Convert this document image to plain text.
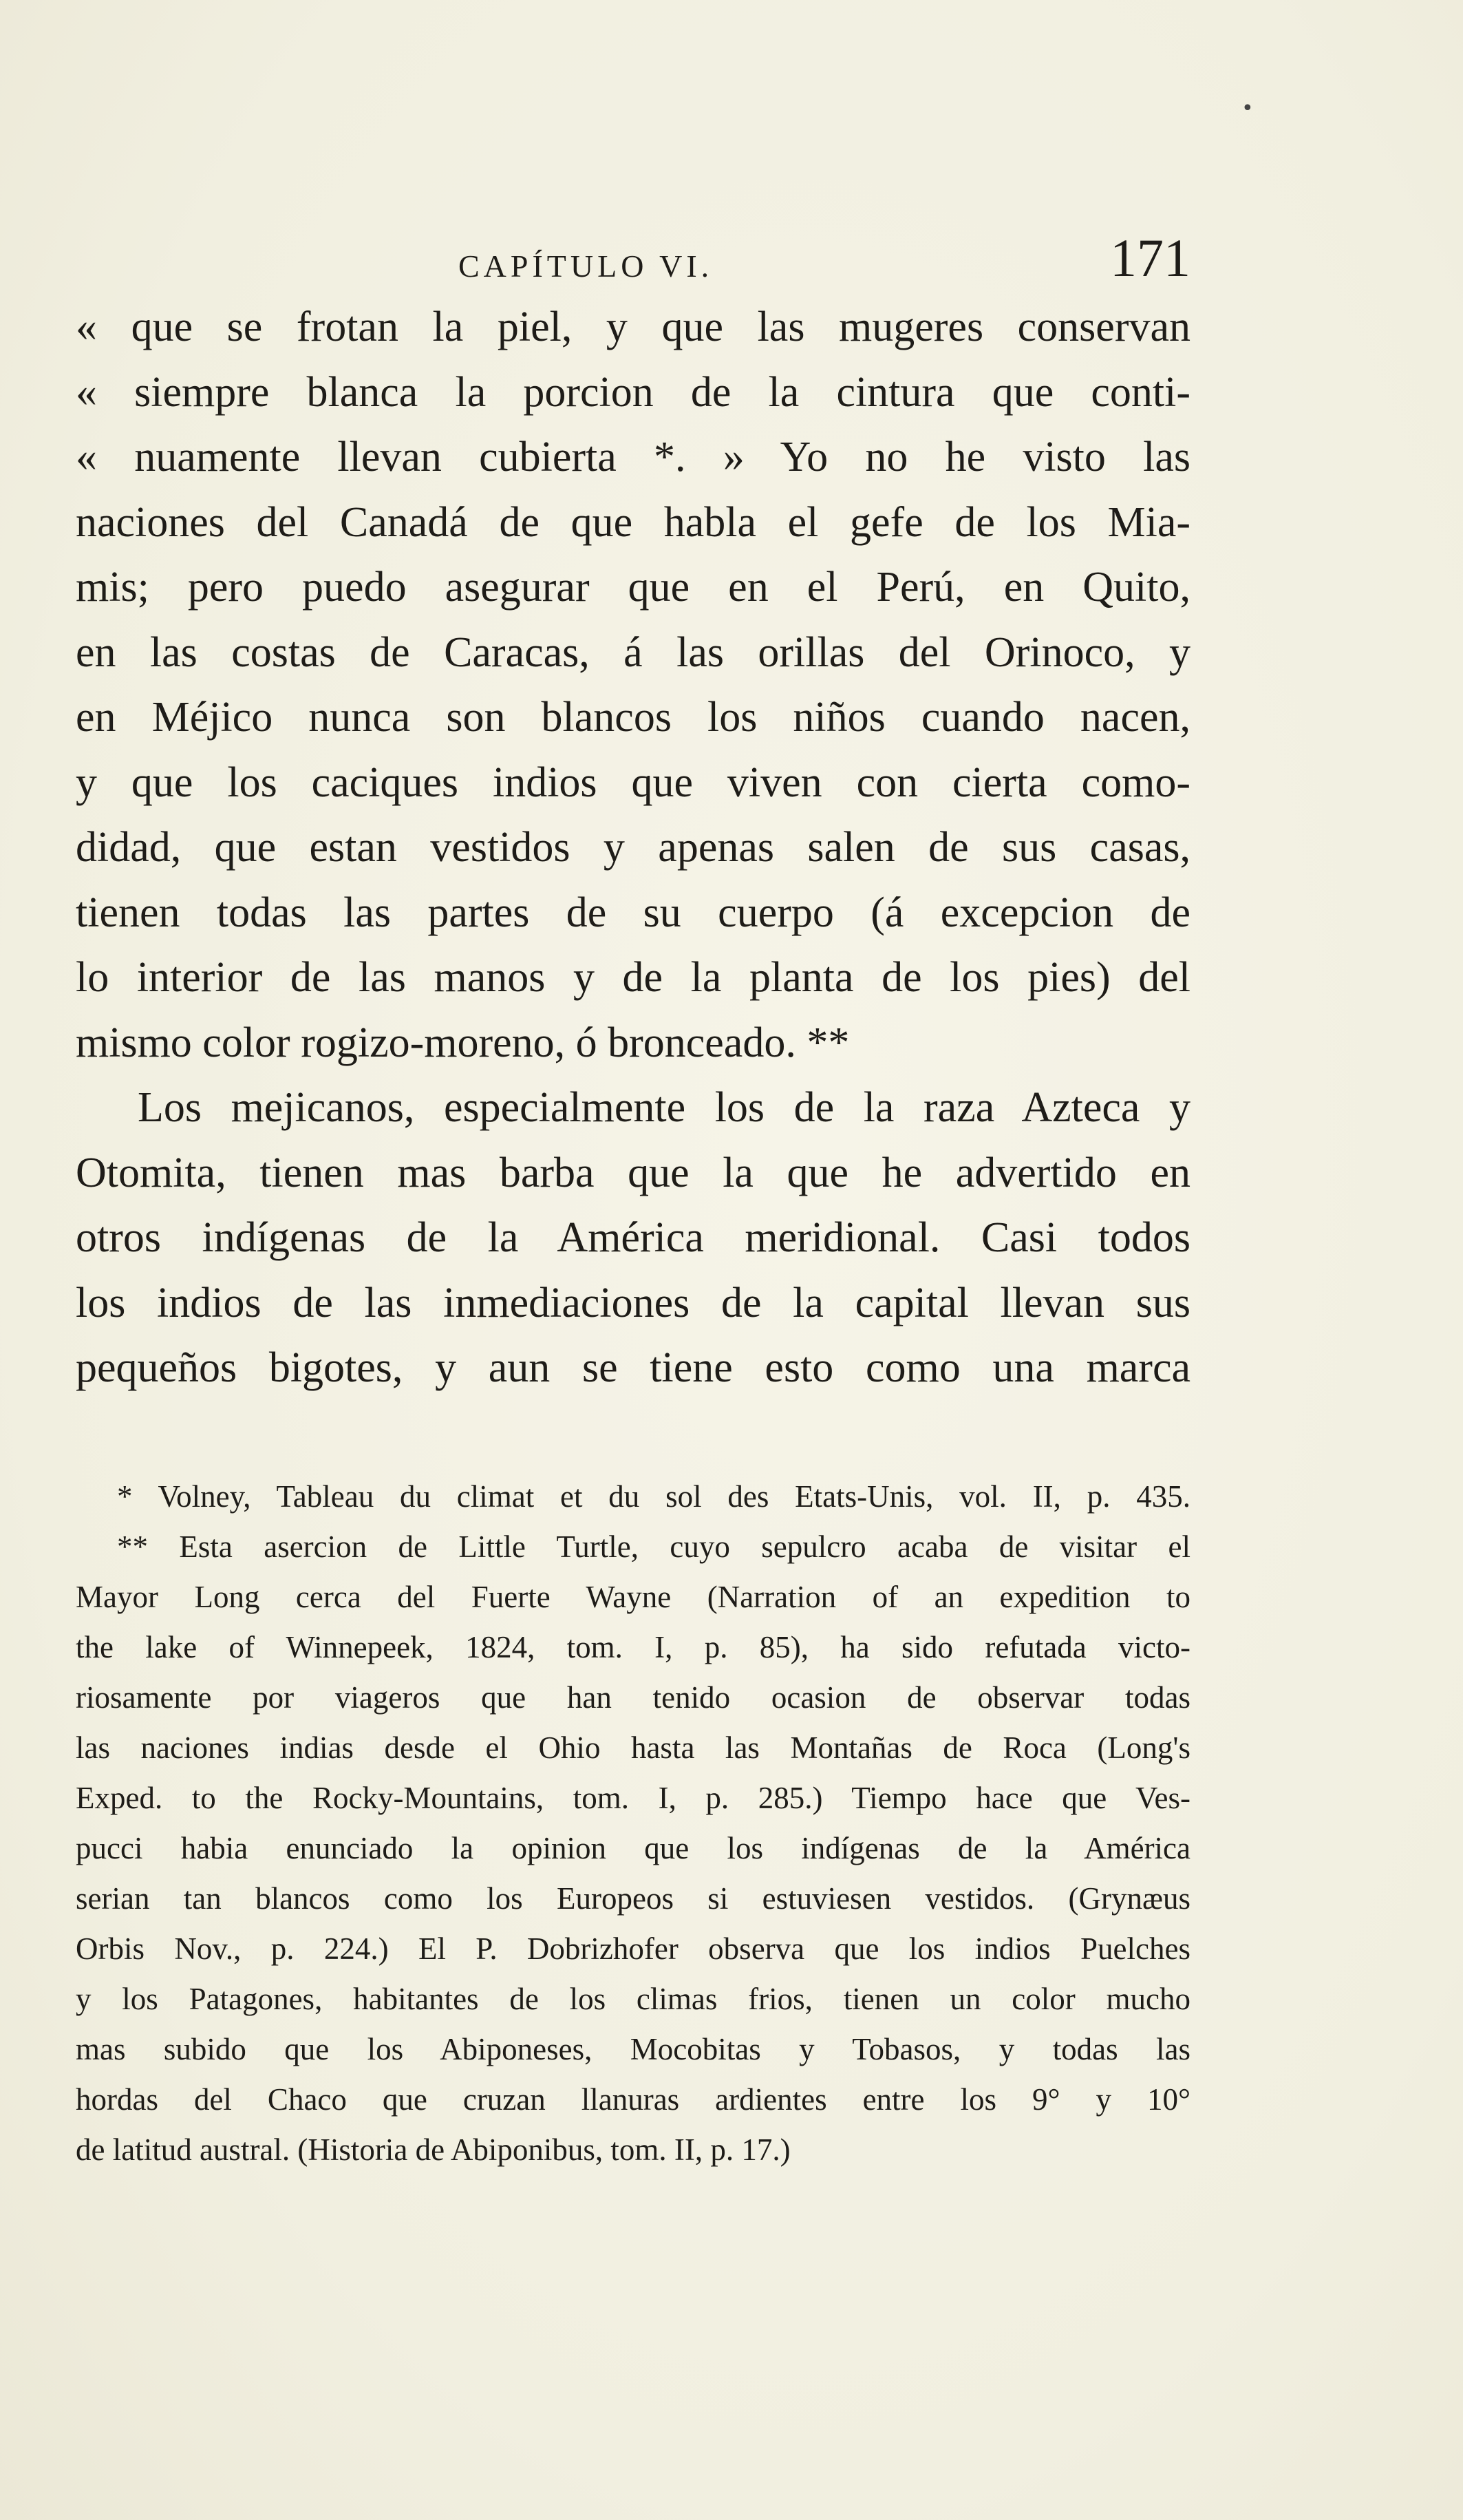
•
CAPÍTULO VI.	171
« que se frotan la piel, y que las mugeres conservan
« siempre blanca la porcion de la cintura que conti-
« nuamente llevan cubierta *. » Yo no he visto las
naciones del Canadá de que habla el gefe de los Mia-
mis; pero puedo asegurar que en el Perú, en Quito,
en las costas de Caracas, á las orillas del Orinoco, y
en Méjico nunca son blancos los niños cuando nacen,
y que los caciques indios que viven con cierta como-
didad, que estan vestidos y apenas salen de sus casas,
tienen todas las partes de su cuerpo (á excepcion de
lo interior de las manos y de la planta de los pies) del
mismo color rogizo-moreno, ó bronceado. **
Los mejicanos, especialmente los de la raza Azteca y
Otomita, tienen mas barba que la que he advertido en
otros indígenas de la América meridional. Casi todos
los indios de las inmediaciones de la capital llevan sus
pequeños bigotes, y aun se tiene esto como una marca
* Volney, Tableau du climat et du sol des Etats-Unis, vol. II, p. 435.
** Esta asercion de Little Turtle, cuyo sepulcro acaba de visitar el
Mayor Long cerca del Fuerte Wayne (Narration of an expedition to
the lake of Winnepeek, 1824, tom. I, p. 85), ha sido refutada victo-
riosamente por viageros que han tenido ocasion de observar todas
las naciones indias desde el Ohio hasta las Montañas de Roca (Long's
Exped. to the Rocky-Mountains, tom. I, p. 285.) Tiempo hace que Ves-
pucci habia enunciado la opinion que los indígenas de la América
serian tan blancos como los Europeos si estuviesen vestidos. (Grynæus
Orbis Nov., p. 224.) El P. Dobrizhofer observa que los indios Puelches
y los Patagones, habitantes de los climas frios, tienen un color mucho
mas subido que los Abiponeses, Mocobitas y Tobasos, y todas las
hordas del Chaco que cruzan llanuras ardientes entre los 9° y 10°
de latitud austral. (Historia de Abiponibus, tom. II, p. 17.)
